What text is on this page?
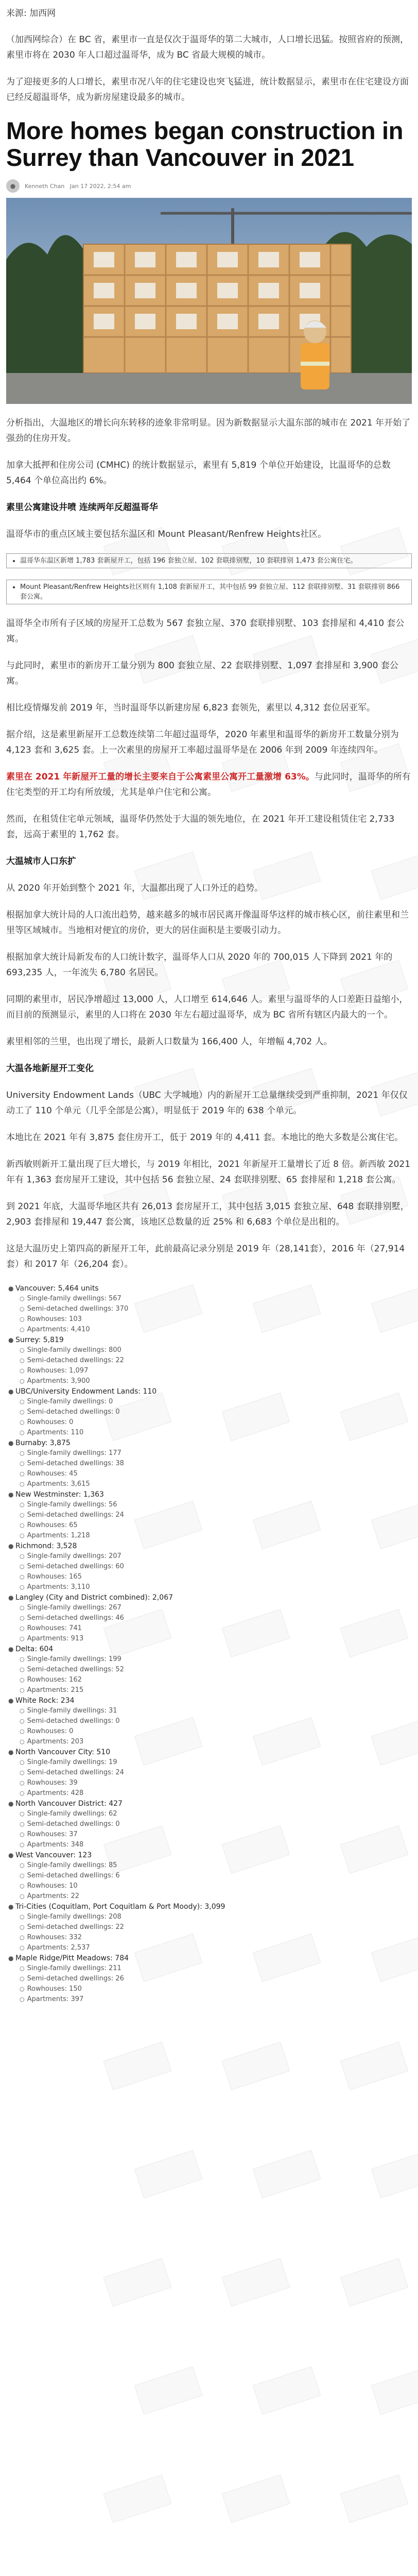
来源: 加西网

（加西网综合）在 BC 省，素里市一直是仅次于温哥华的第二大城市，人口增长迅猛。按照省府的预测，素里市将在 2030 年人口超过温哥华，成为 BC 省最大规模的城市。

为了迎接更多的人口增长，素里市况八年的住宅建设也突飞猛进，统计数据显示，素里市在住宅建设方面已经反超温哥华，成为新房屋建设最多的城市。

More homes began construction in Surrey than Vancouver in 2021
●	Kenneth Chan Jan 17 2022, 2:54 am

分析指出，大温地区的增长向东转移的迹象非常明显。因为新数据显示大温东部的城市在 2021 年开始了强劲的住房开发。

加拿大抵押和住房公司 (CMHC) 的统计数据显示，素里有 5,819 个单位开始建设，比温哥华的总数 5,464 个单位高出约 6%。

素里公寓建设井喷 连续两年反超温哥华

温哥华市的重点区域主要包括东温区和 Mount Pleasant/Renfrew Heights社区。

• 温哥华东温区新增 1,783 套新屋开工，包括 196 套独立屋、102 套联排别墅，10 套联排别 1,473 套公寓住宅。
• Mount Pleasant/Renfrew Heights社区则有 1,108 套新屋开工，其中包括 99 套独立屋、112 套联排别墅、31 套联排别 866 套公寓。

温哥华全市所有子区域的房屋开工总数为 567 套独立屋、370 套联排别墅、103 套排屋和 4,410 套公寓。

与此同时，素里市的新房开工量分别为 800 套独立屋、22 套联排别墅、1,097 套排屋和 3,900 套公寓。

相比疫情爆发前 2019 年，当时温哥华以新建房屋 6,823 套领先，素里以 4,312 套位居亚军。

据介绍，这是素里新屋开工总数连续第二年超过温哥华，2020 年素里和温哥华的新房开工数量分别为 4,123 套和 3,625 套。上一次素里的房屋开工率超过温哥华是在 2006 年到 2009 年连续四年。

素里在 2021 年新屋开工量的增长主要来自于公寓素里公寓开工量激增 63%。与此同时，温哥华的所有住宅类型的开工均有所放缓，尤其是单户住宅和公寓。

然而，在租赁住宅单元领域，温哥华仍然处于大温的领先地位，在 2021 年开工建设租赁住宅 2,733 套，远高于素里的 1,762 套。

大温城市人口东扩

从 2020 年开始到整个 2021 年，大温都出现了人口外迁的趋势。

根据加拿大统计局的人口流出趋势，越来越多的城市居民离开像温哥华这样的城市核心区，前往素里和兰里等区域城市。当地相对便宜的房价，更大的居住面积是主要吸引动力。

根据加拿大统计局新发布的人口统计数字，温哥华人口从 2020 年的 700,015 人下降到 2021 年的 693,235 人，一年流失 6,780 名居民。

同期的素里市，居民净增超过 13,000 人，人口增至 614,646 人。素里与温哥华的人口差距日益缩小，而目前的预测显示，素里的人口将在 2030 年左右超过温哥华，成为 BC 省所有辖区内最大的一个。

素里相邻的兰里，也出现了增长，最新人口数量为 166,400 人，年增幅 4,702 人。

大温各地新屋开工变化

University Endowment Lands（UBC 大学城地）内的新屋开工总量继续受到严重抑制，2021 年仅仅动工了 110 个单元（几乎全部是公寓），明显低于 2019 年的 638 个单元。

本地比在 2021 年有 3,875 套住房开工，低于 2019 年的 4,411 套。本地比的绝大多数是公寓住宅。

新西敏则新开工量出现了巨大增长，与 2019 年相比，2021 年新屋开工量增长了近 8 倍。新西敏 2021 年有 1,363 套房屋开工建设，其中包括 56 套独立屋、24 套联排别墅、65 套排屋和 1,218 套公寓。

到 2021 年底，大温哥华地区共有 26,013 套房屋开工，其中包括 3,015 套独立屋、648 套联排别墅，2,903 套排屋和 19,447 套公寓，该地区总数量的近 25% 和 6,683 个单位是出租的。

这是大温历史上第四高的新屋开工年，此前最高记录分别是 2019 年（28,141套），2016 年（27,914套）和 2017 年（26,204 套）。

● Vancouver: 5,464 units
○ Single-family dwellings: 567
○ Semi-detached dwellings: 370
○ Rowhouses: 103
○ Apartments: 4,410
● Surrey: 5,819
○ Single-family dwellings: 800
○ Semi-detached dwellings: 22
○ Rowhouses: 1,097
○ Apartments: 3,900
● UBC/University Endowment Lands: 110
○ Single-family dwellings: 0
○ Semi-detached dwellings: 0
○ Rowhouses: 0
○ Apartments: 110
● Burnaby: 3,875
○ Single-family dwellings: 177
○ Semi-detached dwellings: 38
○ Rowhouses: 45
○ Apartments: 3,615
● New Westminster: 1,363
○ Single-family dwellings: 56
○ Semi-detached dwellings: 24
○ Rowhouses: 65
○ Apartments: 1,218
● Richmond: 3,528
○ Single-family dwellings: 207
○ Semi-detached dwellings: 60
○ Rowhouses: 165
○ Apartments: 3,110
● Langley (City and District combined): 2,067
○ Single-family dwellings: 267
○ Semi-detached dwellings: 46
○ Rowhouses: 741
○ Apartments: 913
● Delta: 604
○ Single-family dwellings: 199
○ Semi-detached dwellings: 52
○ Rowhouses: 162
○ Apartments: 215
● White Rock: 234
○ Single-family dwellings: 31
○ Semi-detached dwellings: 0
○ Rowhouses: 0
○ Apartments: 203
● North Vancouver City: 510
○ Single-family dwellings: 19
○ Semi-detached dwellings: 24
○ Rowhouses: 39
○ Apartments: 428
● North Vancouver District: 427
○ Single-family dwellings: 62
○ Semi-detached dwellings: 0
○ Rowhouses: 37
○ Apartments: 348
● West Vancouver: 123
○ Single-family dwellings: 85
○ Semi-detached dwellings: 6
○ Rowhouses: 10
○ Apartments: 22
● Tri-Cities (Coquitlam, Port Coquitlam & Port Moody): 3,099
○ Single-family dwellings: 208
○ Semi-detached dwellings: 22
○ Rowhouses: 332
○ Apartments: 2,537
● Maple Ridge/Pitt Meadows: 784
○ Single-family dwellings: 211
○ Semi-detached dwellings: 26
○ Rowhouses: 150
○ Apartments: 397
